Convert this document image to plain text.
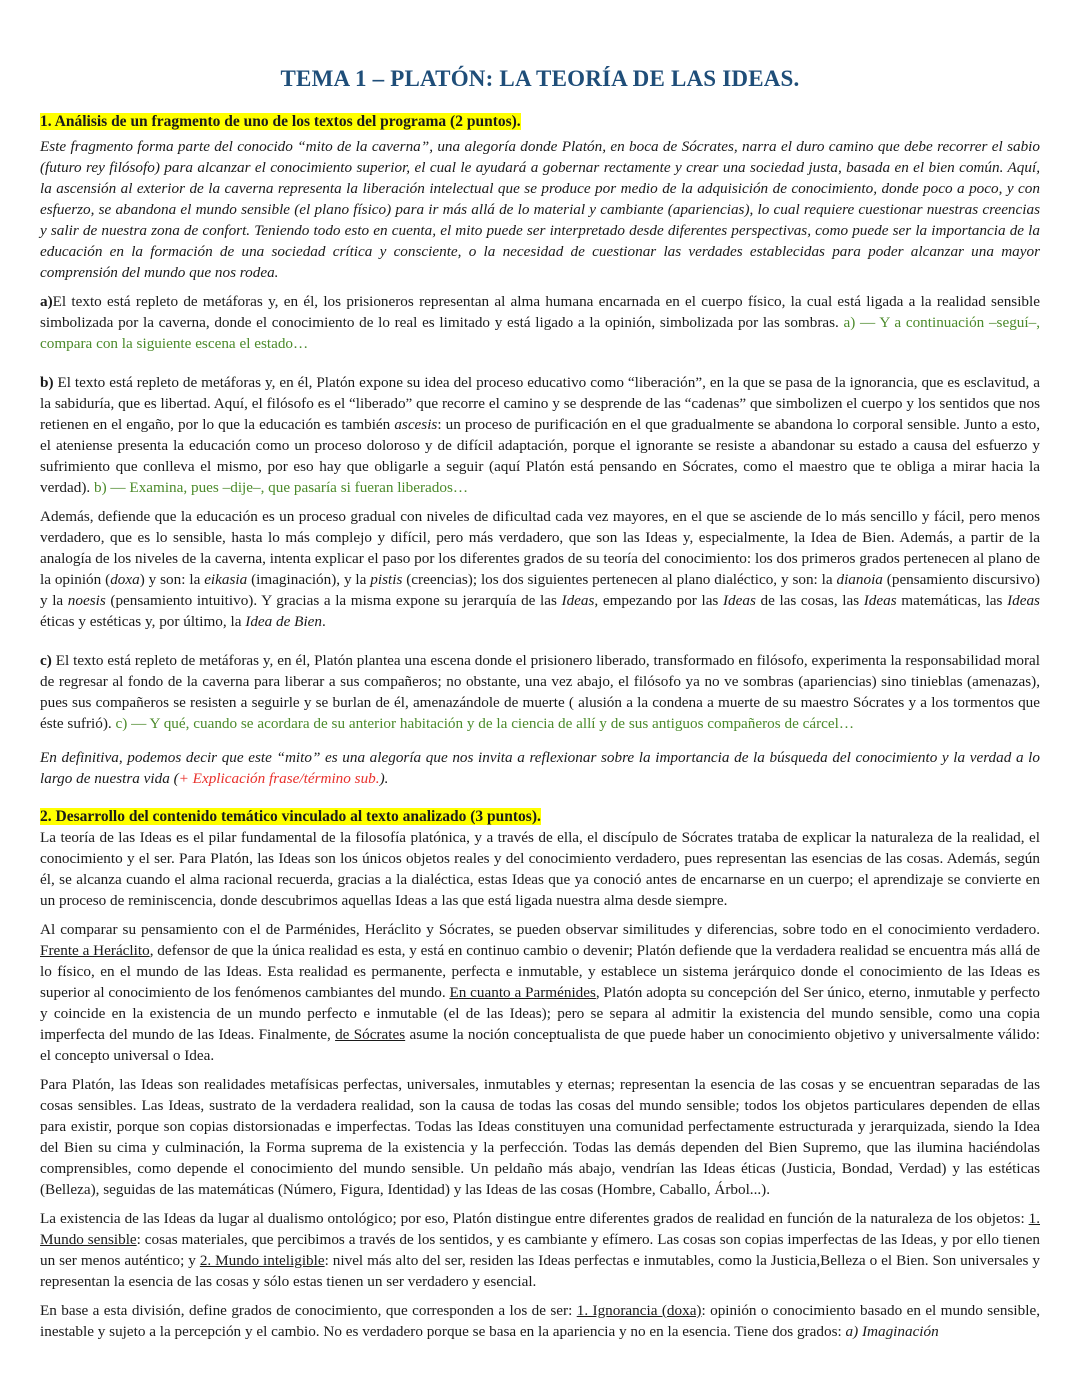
TEMA 1 – PLATÓN: LA TEORÍA DE LAS IDEAS.
1. Análisis de un fragmento de uno de los textos del programa (2 puntos).

Este fragmento forma parte del conocido “mito de la caverna”, una alegoría donde Platón, en boca de Sócrates, narra el duro camino que debe recorrer el sabio (futuro rey filósofo) para alcanzar el conocimiento superior, el cual le ayudará a gobernar rectamente y crear una sociedad justa, basada en el bien común. Aquí, la ascensión al exterior de la caverna representa la liberación intelectual que se produce por medio de la adquisición de conocimiento, donde poco a poco, y con esfuerzo, se abandona el mundo sensible (el plano físico) para ir más allá de lo material y cambiante (apariencias), lo cual requiere cuestionar nuestras creencias y salir de nuestra zona de confort. Teniendo todo esto en cuenta, el mito puede ser interpretado desde diferentes perspectivas, como puede ser la importancia de la educación en la formación de una sociedad crítica y consciente, o la necesidad de cuestionar las verdades establecidas para poder alcanzar una mayor comprensión del mundo que nos rodea.

a)El texto está repleto de metáforas y, en él, los prisioneros representan al alma humana encarnada en el cuerpo físico, la cual está ligada a la realidad sensible simbolizada por la caverna, donde el conocimiento de lo real es limitado y está ligado a la opinión, simbolizada por las sombras. a) — Y a continuación –seguí–, compara con la siguiente escena el estado…

b) El texto está repleto de metáforas y, en él, Platón expone su idea del proceso educativo como “liberación”, en la que se pasa de la ignorancia, que es esclavitud, a la sabiduría, que es libertad. Aquí, el filósofo es el “liberado” que recorre el camino y se desprende de las “cadenas” que simbolizen el cuerpo y los sentidos que nos retienen en el engaño, por lo que la educación es también ascesis: un proceso de purificación en el que gradualmente se abandona lo corporal sensible. Junto a esto, el ateniense presenta la educación como un proceso doloroso y de difícil adaptación, porque el ignorante se resiste a abandonar su estado a causa del esfuerzo y sufrimiento que conlleva el mismo, por eso hay que obligarle a seguir (aquí Platón está pensando en Sócrates, como el maestro que te obliga a mirar hacia la verdad). b) — Examina, pues –dije–, que pasaría si fueran liberados…

Además, defiende que la educación es un proceso gradual con niveles de dificultad cada vez mayores, en el que se asciende de lo más sencillo y fácil, pero menos verdadero, que es lo sensible, hasta lo más complejo y difícil, pero más verdadero, que son las Ideas y, especialmente, la Idea de Bien. Además, a partir de la analogía de los niveles de la caverna, intenta explicar el paso por los diferentes grados de su teoría del conocimiento: los dos primeros grados pertenecen al plano de la opinión (doxa) y son: la eikasia (imaginación), y la pistis (creencias); los dos siguientes pertenecen al plano dialéctico, y son: la dianoia (pensamiento discursivo) y la noesis (pensamiento intuitivo). Y gracias a la misma expone su jerarquía de las Ideas, empezando por las Ideas de las cosas, las Ideas matemáticas, las Ideas éticas y estéticas y, por último, la Idea de Bien.

c) El texto está repleto de metáforas y, en él, Platón plantea una escena donde el prisionero liberado, transformado en filósofo, experimenta la responsabilidad moral de regresar al fondo de la caverna para liberar a sus compañeros; no obstante, una vez abajo, el filósofo ya no ve sombras (apariencias) sino tinieblas (amenazas), pues sus compañeros se resisten a seguirle y se burlan de él, amenazándole de muerte ( alusión a la condena a muerte de su maestro Sócrates y a los tormentos que éste sufrió). c) — Y qué, cuando se acordara de su anterior habitación y de la ciencia de allí y de sus antiguos compañeros de cárcel…

En definitiva, podemos decir que este “mito” es una alegoría que nos invita a reflexionar sobre la importancia de la búsqueda del conocimiento y la verdad a lo largo de nuestra vida (+ Explicación frase/término sub.).

2. Desarrollo del contenido temático vinculado al texto analizado (3 puntos).

La teoría de las Ideas es el pilar fundamental de la filosofía platónica, y a través de ella, el discípulo de Sócrates trataba de explicar la naturaleza de la realidad, el conocimiento y el ser. Para Platón, las Ideas son los únicos objetos reales y del conocimiento verdadero, pues representan las esencias de las cosas. Además, según él, se alcanza cuando el alma racional recuerda, gracias a la dialéctica, estas Ideas que ya conoció antes de encarnarse en un cuerpo; el aprendizaje se convierte en un proceso de reminiscencia, donde descubrimos aquellas Ideas a las que está ligada nuestra alma desde siempre.

Al comparar su pensamiento con el de Parménides, Heráclito y Sócrates, se pueden observar similitudes y diferencias, sobre todo en el conocimiento verdadero. Frente a Heráclito, defensor de que la única realidad es esta, y está en continuo cambio o devenir; Platón defiende que la verdadera realidad se encuentra más allá de lo físico, en el mundo de las Ideas. Esta realidad es permanente, perfecta e inmutable, y establece un sistema jerárquico donde el conocimiento de las Ideas es superior al conocimiento de los fenómenos cambiantes del mundo. En cuanto a Parménides, Platón adopta su concepción del Ser único, eterno, inmutable y perfecto y coincide en la existencia de un mundo perfecto e inmutable (el de las Ideas); pero se separa al admitir la existencia del mundo sensible, como una copia imperfecta del mundo de las Ideas. Finalmente, de Sócrates asume la noción conceptualista de que puede haber un conocimiento objetivo y universalmente válido: el concepto universal o Idea.

Para Platón, las Ideas son realidades metafísicas perfectas, universales, inmutables y eternas; representan la esencia de las cosas y se encuentran separadas de las cosas sensibles. Las Ideas, sustrato de la verdadera realidad, son la causa de todas las cosas del mundo sensible; todos los objetos particulares dependen de ellas para existir, porque son copias distorsionadas e imperfectas. Todas las Ideas constituyen una comunidad perfectamente estructurada y jerarquizada, siendo la Idea del Bien su cima y culminación, la Forma suprema de la existencia y la perfección. Todas las demás dependen del Bien Supremo, que las ilumina haciéndolas comprensibles, como depende el conocimiento del mundo sensible. Un peldaño más abajo, vendrían las Ideas éticas (Justicia, Bondad, Verdad) y las estéticas (Belleza), seguidas de las matemáticas (Número, Figura, Identidad) y las Ideas de las cosas (Hombre, Caballo, Árbol...).

La existencia de las Ideas da lugar al dualismo ontológico; por eso, Platón distingue entre diferentes grados de realidad en función de la naturaleza de los objetos: 1. Mundo sensible: cosas materiales, que percibimos a través de los sentidos, y es cambiante y efímero. Las cosas son copias imperfectas de las Ideas, y por ello tienen un ser menos auténtico; y 2. Mundo inteligible: nivel más alto del ser, residen las Ideas perfectas e inmutables, como la Justicia,Belleza o el Bien. Son universales y representan la esencia de las cosas y sólo estas tienen un ser verdadero y esencial.

En base a esta división, define grados de conocimiento, que corresponden a los de ser: 1. Ignorancia (doxa): opinión o conocimiento basado en el mundo sensible, inestable y sujeto a la percepción y el cambio. No es verdadero porque se basa en la apariencia y no en la esencia. Tiene dos grados: a) Imaginación
